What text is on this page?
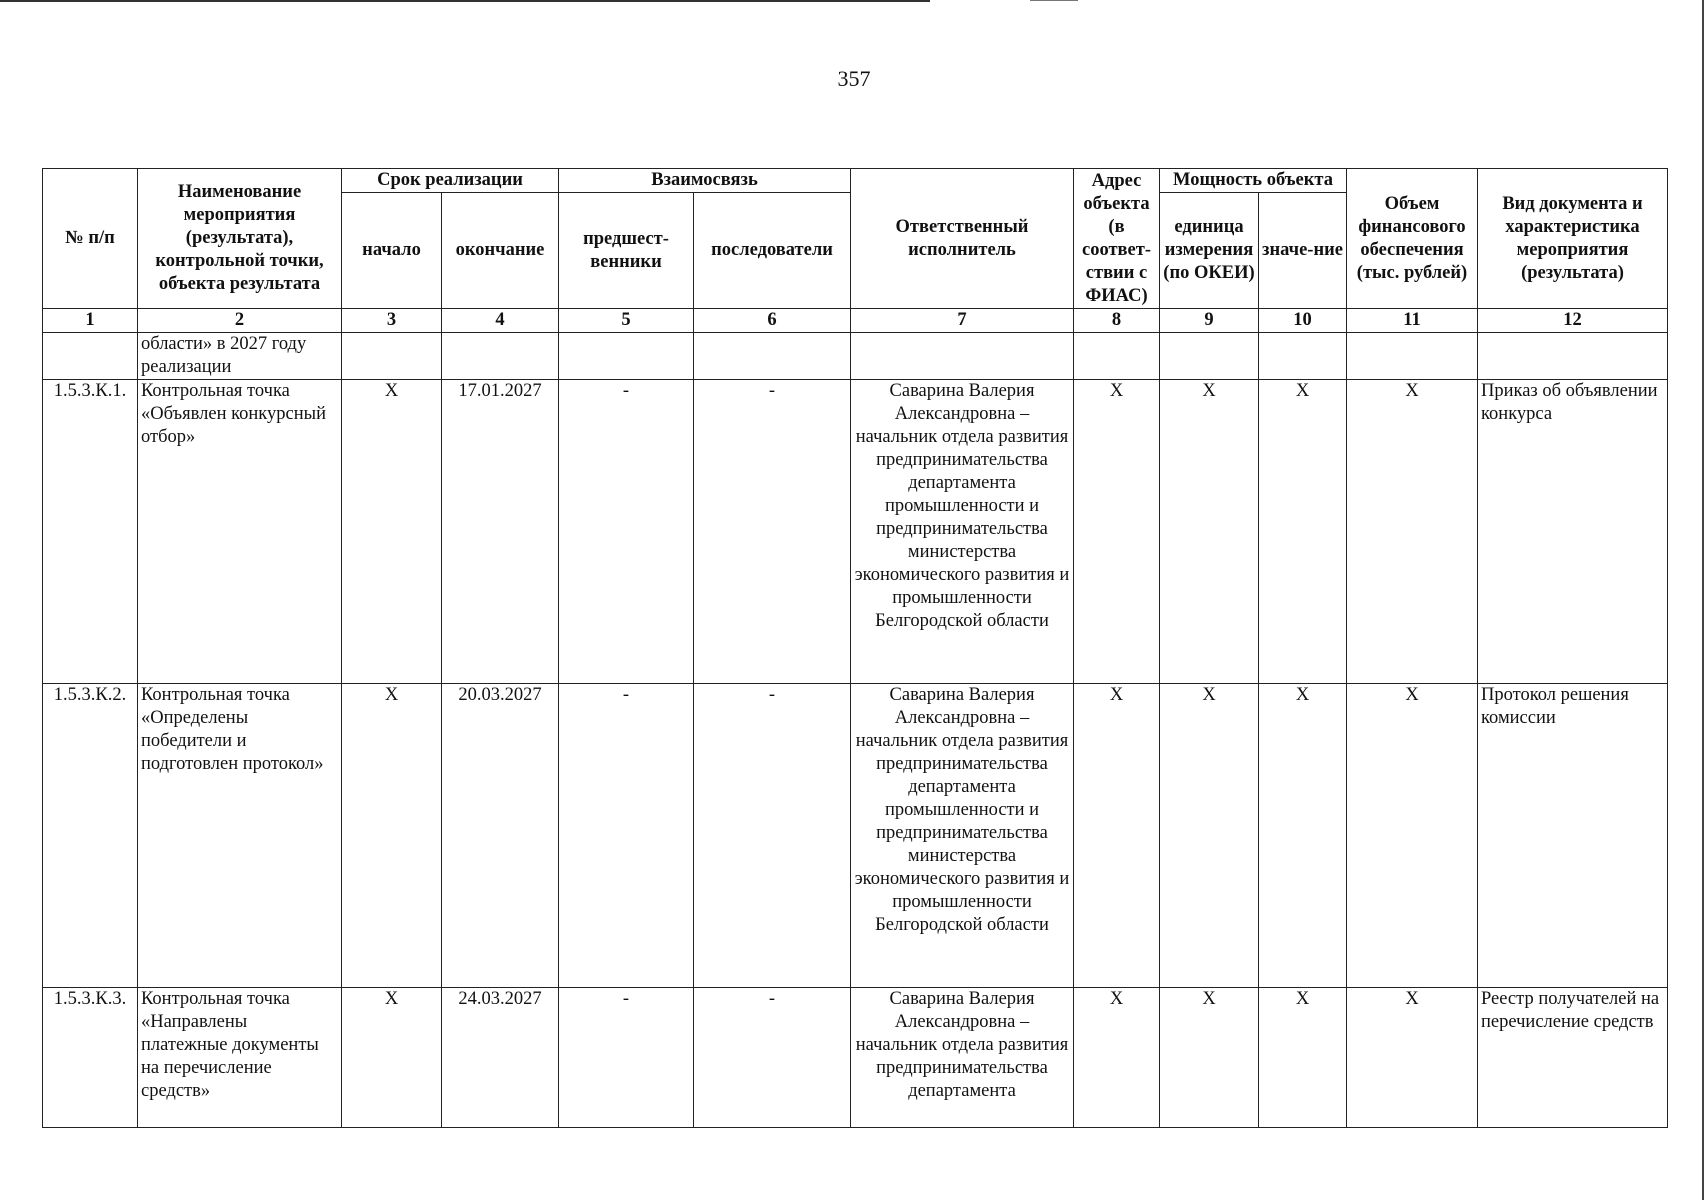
357
№ п/п	Наименование мероприятия (результата), контрольной точки, объекта результата	Срок реализации		Взаимосвязь		Ответственный исполнитель	Адрес объекта (в соответ-ствии с ФИАС)	Мощность объекта		Объем финансового обеспечения (тыс. рублей)	Вид документа и характеристика мероприятия (результата)
		начало	окончание	предшест-венники	последователи			единица измерения (по ОКЕИ)	значе-ние		
1	2	3	4	5	6	7	8	9	10	11	12
	области» в 2027 году реализации										
1.5.3.К.1.	Контрольная точка «Объявлен конкурсный отбор»	X	17.01.2027	-	-	Саварина Валерия Александровна – начальник отдела развития предпринимательства департамента промышленности и предпринимательства министерства экономического развития и промышленности Белгородской области	X	X	X	X	Приказ об объявлении конкурса
1.5.3.К.2.	Контрольная точка «Определены победители и подготовлен протокол»	X	20.03.2027	-	-	Саварина Валерия Александровна – начальник отдела развития предпринимательства департамента промышленности и предпринимательства министерства экономического развития и промышленности Белгородской области	X	X	X	X	Протокол решения комиссии
1.5.3.К.3.	Контрольная точка «Направлены платежные документы на перечисление средств»	X	24.03.2027	-	-	Саварина Валерия Александровна – начальник отдела развития предпринимательства департамента	X	X	X	X	Реестр получателей на перечисление средств
